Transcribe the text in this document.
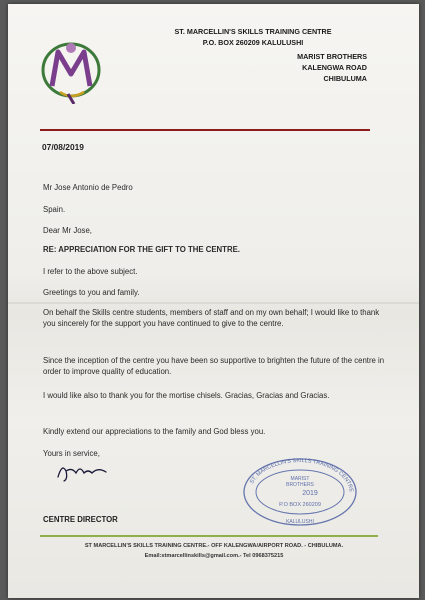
ST. MARCELLIN'S SKILLS TRAINING CENTRE
P.O. BOX 260209 KALULUSHI
MARIST BROTHERS
KALENGWA ROAD
CHIBULUMA
07/08/2019
Mr Jose Antonio de Pedro
Spain.
Dear Mr Jose,
RE: APPRECIATION FOR THE GIFT TO THE CENTRE.
I refer to the above subject.
Greetings to you and family.
On behalf the Skills centre students, members of staff and on my own behalf; I would like to thank you sincerely for the support you have continued to give to the centre.
Since the inception of the centre you have been so supportive to brighten the future of the centre in order to improve quality of education.
I would like also to thank you for the mortise chisels. Gracias, Gracias and Gracias.
Kindly extend our appreciations to the family and God bless you.
Yours in service,
ST. MARCELLIN'S SKILLS TRAINING CENTRE
MARIST
BROTHERS
2019
P.O BOX 260209
KALULUSHI
CENTRE DIRECTOR
ST MARCELLIN'S SKILLS TRAINING CENTRE.- OFF KALENGWA/AIRPORT ROAD. - CHIBULUMA.
Email:stmarcellinskills@gmail.com.- Tel 0968375215
